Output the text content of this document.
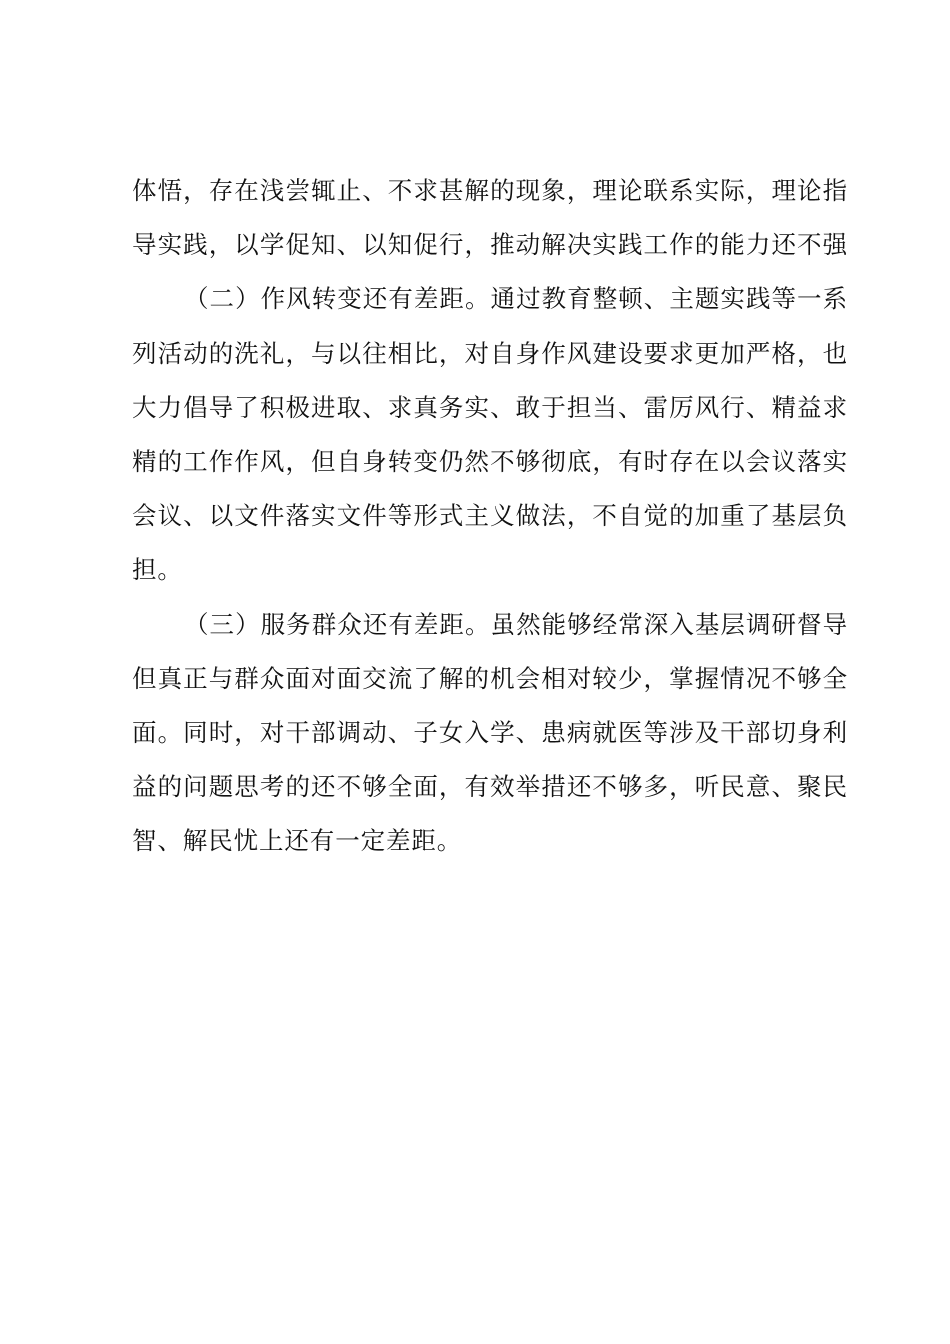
体悟，存在浅尝辄止、不求甚解的现象，理论联系实际，理论指
导实践，以学促知、以知促行，推动解决实践工作的能力还不强
（二）作风转变还有差距。通过教育整顿、主题实践等一系
列活动的洗礼，与以往相比，对自身作风建设要求更加严格，也
大力倡导了积极进取、求真务实、敢于担当、雷厉风行、精益求
精的工作作风，但自身转变仍然不够彻底，有时存在以会议落实
会议、以文件落实文件等形式主义做法，不自觉的加重了基层负
担。
（三）服务群众还有差距。虽然能够经常深入基层调研督导
但真正与群众面对面交流了解的机会相对较少，掌握情况不够全
面。同时，对干部调动、子女入学、患病就医等涉及干部切身利
益的问题思考的还不够全面，有效举措还不够多，听民意、聚民
智、解民忧上还有一定差距。
